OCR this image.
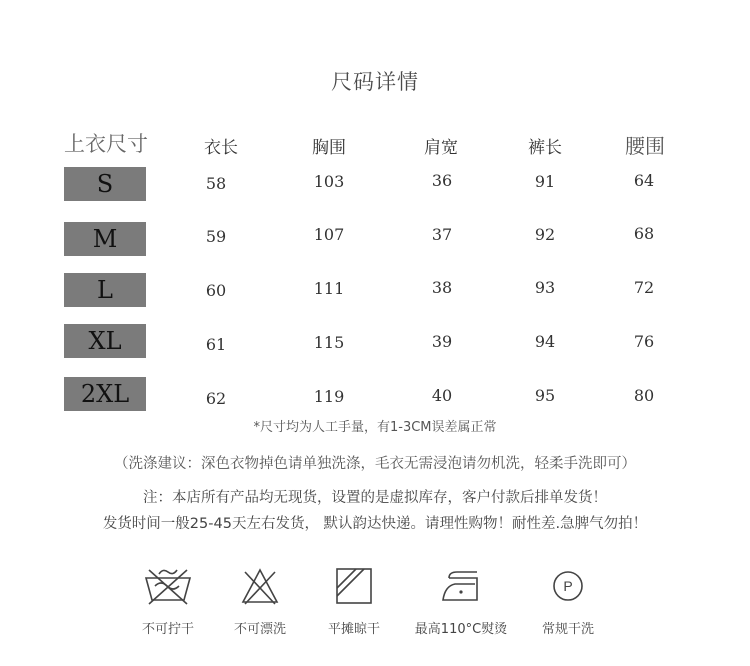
尺码详情
上衣尺寸	衣长	胸围	肩宽	裤长	腰围
S	58	103	36	91	64
M	59	107	37	92	68
L	60	111	38	93	72
XL	61	115	39	94	76
2XL	62	119	40	95	80
*尺寸均为人工手量，有1-3CM误差属正常
（洗涤建议：深色衣物掉色请单独洗涤，毛衣无需浸泡请勿机洗，轻柔手洗即可）
注：本店所有产品均无现货，设置的是虚拟库存，客户付款后排单发货！
发货时间一般25-45天左右发货， 默认韵达快递。请理性购物！耐性差.急脾气勿拍！
不可拧干	不可漂洗	平摊晾干	最高110°C熨烫
P
常规干洗
